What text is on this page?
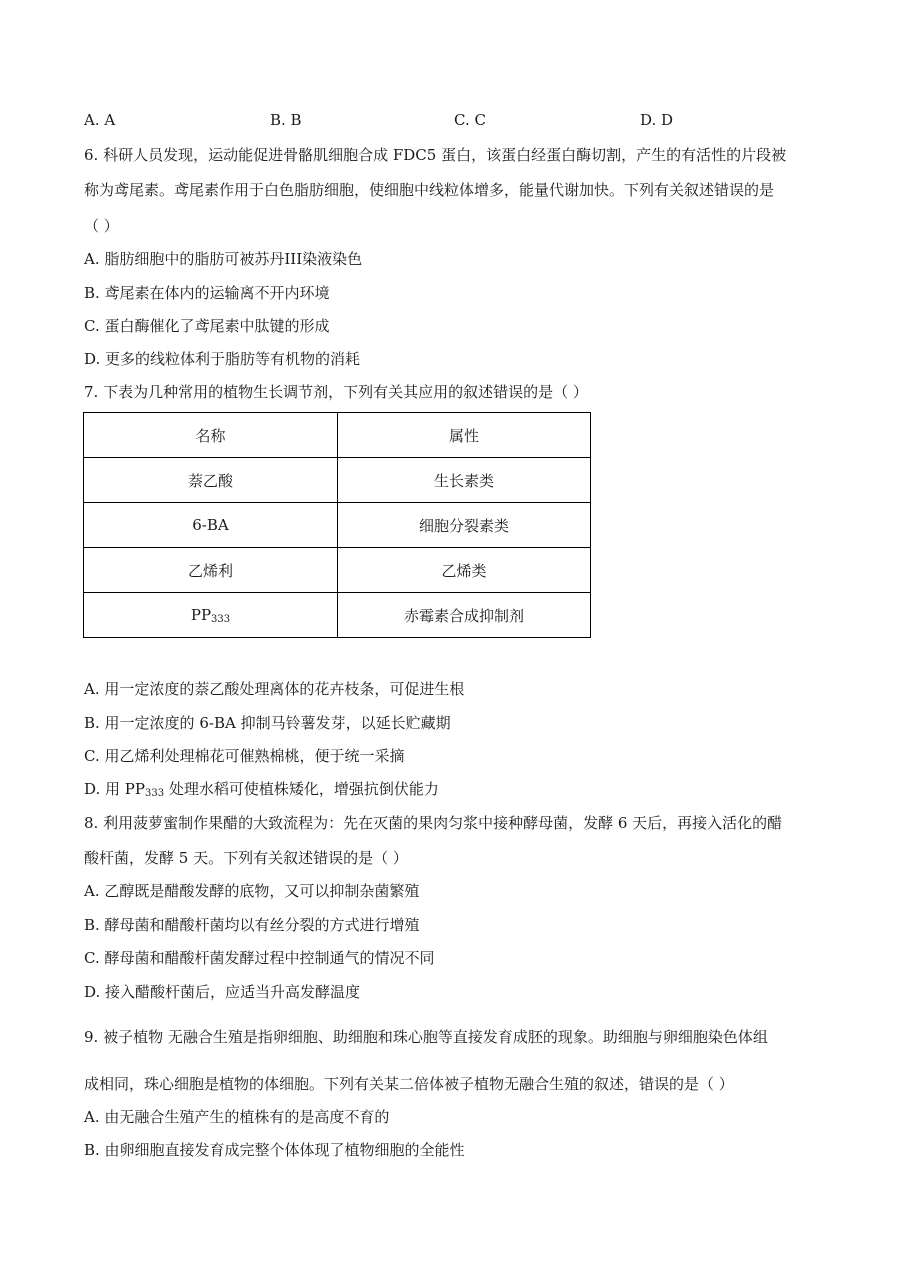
A. A	B. B	C. C	D. D
6. 科研人员发现，运动能促进骨骼肌细胞合成 FDC5 蛋白，该蛋白经蛋白酶切割，产生的有活性的片段被
称为鸢尾素。鸢尾素作用于白色脂肪细胞，使细胞中线粒体增多，能量代谢加快。下列有关叙述错误的是
（ ）
A. 脂肪细胞中的脂肪可被苏丹III染液染色
B. 鸢尾素在体内的运输离不开内环境
C. 蛋白酶催化了鸢尾素中肽键的形成
D. 更多的线粒体利于脂肪等有机物的消耗
7. 下表为几种常用的植物生长调节剂，下列有关其应用的叙述错误的是（ ）
名称	属性
萘乙酸	生长素类
6-BA	细胞分裂素类
乙烯利	乙烯类
$PP_{333}$	赤霉素合成抑制剂
A. 用一定浓度的萘乙酸处理离体的花卉枝条，可促进生根
B. 用一定浓度的 6-BA 抑制马铃薯发芽，以延长贮藏期
C. 用乙烯利处理棉花可催熟棉桃，便于统一采摘
D. 用 $PP_{333}$ 处理水稻可使植株矮化，增强抗倒伏能力
8. 利用菠萝蜜制作果醋的大致流程为：先在灭菌的果肉匀浆中接种酵母菌，发酵 6 天后，再接入活化的醋
酸杆菌，发酵 5 天。下列有关叙述错误的是（ ）
A. 乙醇既是醋酸发酵的底物，又可以抑制杂菌繁殖
B. 酵母菌和醋酸杆菌均以有丝分裂的方式进行增殖
C. 酵母菌和醋酸杆菌发酵过程中控制通气的情况不同
D. 接入醋酸杆菌后，应适当升高发酵温度
9. 被子植物 无融合生殖是指卵细胞、助细胞和珠心胞等直接发育成胚的现象。助细胞与卵细胞染色体组
成相同，珠心细胞是植物的体细胞。下列有关某二倍体被子植物无融合生殖的叙述，错误的是（ ）
A. 由无融合生殖产生的植株有的是高度不育的
B. 由卵细胞直接发育成完整个体体现了植物细胞的全能性
